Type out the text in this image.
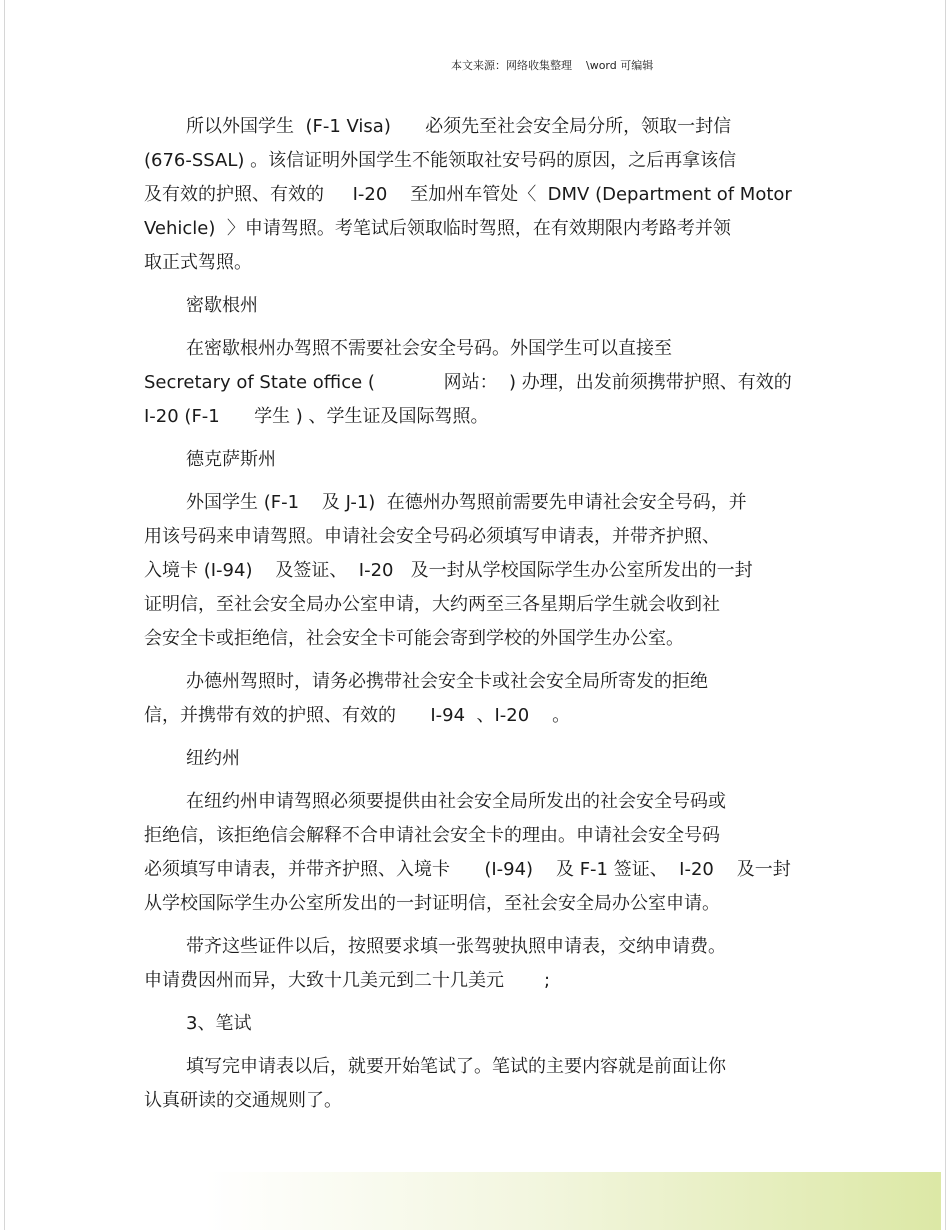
本文来源：网络收集整理    \word 可编辑
所以外国学生  (F-1 Visa)      必须先至社会安全局分所，领取一封信
(676-SSAL) 。该信证明外国学生不能领取社安号码的原因，之后再拿该信
及有效的护照、有效的     I-20    至加州车管处〈  DMV (Department of Motor
Vehicle)  〉申请驾照。考笔试后领取临时驾照，在有效期限内考路考并领
取正式驾照。
密歇根州
在密歇根州办驾照不需要社会安全号码。外国学生可以直接至
Secretary of State office (            网站：  ) 办理，出发前须携带护照、有效的
I-20 (F-1      学生 ) 、学生证及国际驾照。
德克萨斯州
外国学生 (F-1    及 J-1)  在德州办驾照前需要先申请社会安全号码，并
用该号码来申请驾照。申请社会安全号码必须填写申请表，并带齐护照、
入境卡 (I-94)    及签证、  I-20   及一封从学校国际学生办公室所发出的一封
证明信，至社会安全局办公室申请，大约两至三各星期后学生就会收到社
会安全卡或拒绝信，社会安全卡可能会寄到学校的外国学生办公室。
办德州驾照时，请务必携带社会安全卡或社会安全局所寄发的拒绝
信，并携带有效的护照、有效的      I-94  、I-20    。
纽约州
在纽约州申请驾照必须要提供由社会安全局所发出的社会安全号码或
拒绝信，该拒绝信会解释不合申请社会安全卡的理由。申请社会安全号码
必须填写申请表，并带齐护照、入境卡      (I-94)    及 F-1 签证、  I-20    及一封
从学校国际学生办公室所发出的一封证明信，至社会安全局办公室申请。
带齐这些证件以后，按照要求填一张驾驶执照申请表，交纳申请费。
申请费因州而异，大致十几美元到二十几美元       ;
3、笔试
填写完申请表以后，就要开始笔试了。笔试的主要内容就是前面让你
认真研读的交通规则了。
